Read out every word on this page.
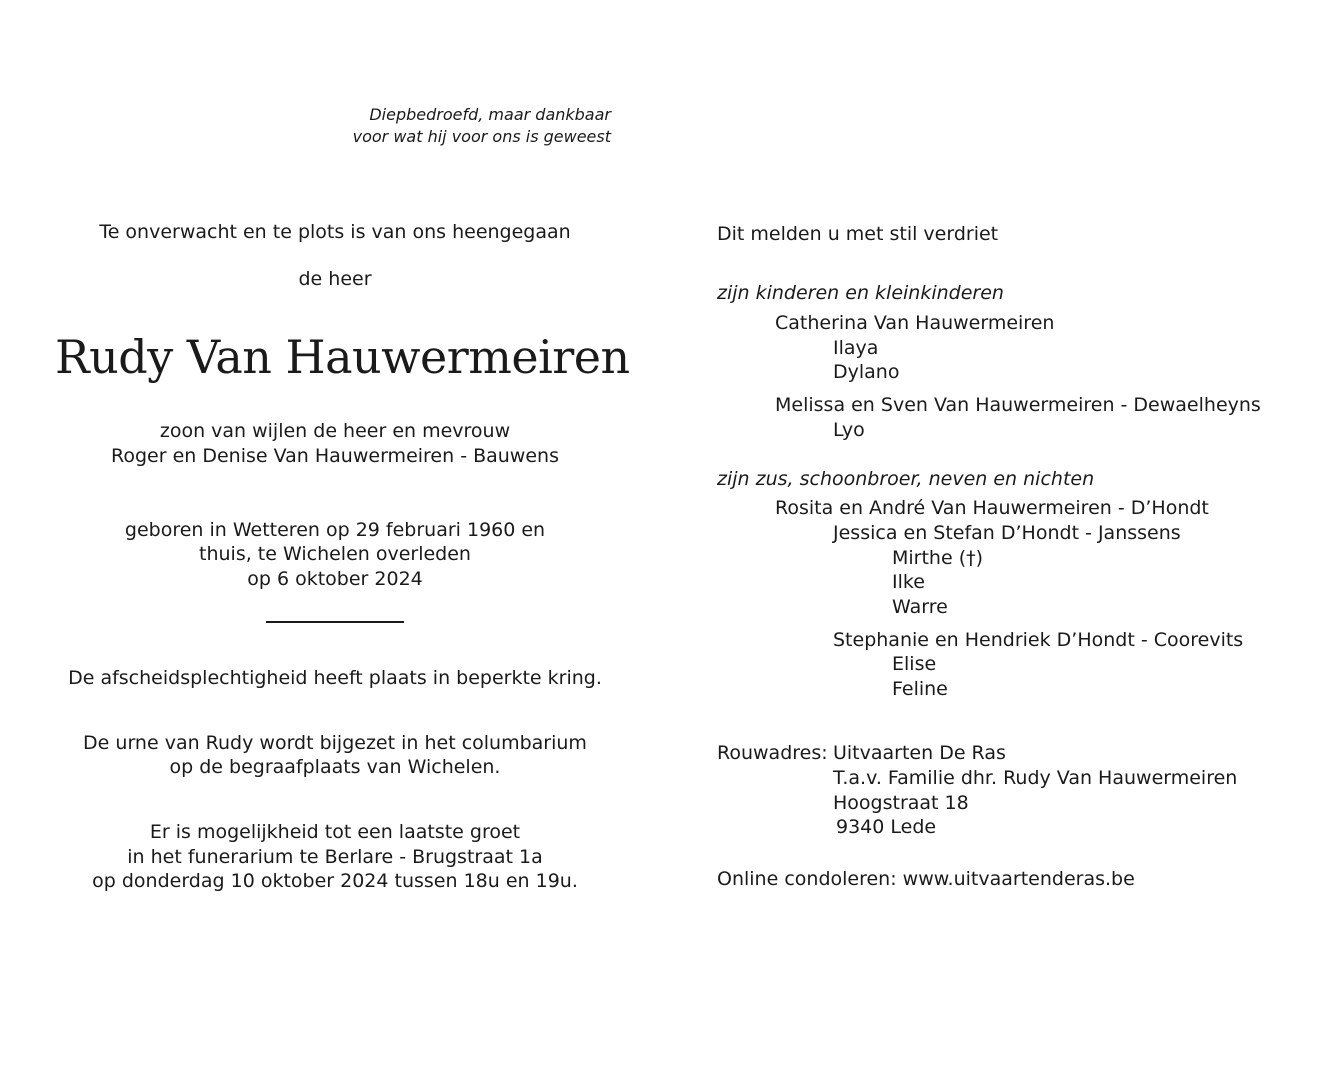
Diepbedroefd, maar dankbaar
voor wat hij voor ons is geweest
Te onverwacht en te plots is van ons heengegaan
de heer
Rudy Van Hauwermeiren
zoon van wijlen de heer en mevrouw
Roger en Denise Van Hauwermeiren - Bauwens
geboren in Wetteren op 29 februari 1960 en
thuis, te Wichelen overleden
op 6 oktober 2024
De afscheidsplechtigheid heeft plaats in beperkte kring.
De urne van Rudy wordt bijgezet in het columbarium
op de begraafplaats van Wichelen.
Er is mogelijkheid tot een laatste groet
in het funerarium te Berlare - Brugstraat 1a
op donderdag 10 oktober 2024 tussen 18u en 19u.
Dit melden u met stil verdriet
zijn kinderen en kleinkinderen
Catherina Van Hauwermeiren
Ilaya
Dylano
Melissa en Sven Van Hauwermeiren - Dewaelheyns
Lyo
zijn zus, schoonbroer, neven en nichten
Rosita en André Van Hauwermeiren - D’Hondt
Jessica en Stefan D’Hondt - Janssens
Mirthe (†)
Ilke
Warre
Stephanie en Hendriek D’Hondt - Coorevits
Elise
Feline
Rouwadres: Uitvaarten De Ras
T.a.v. Familie dhr. Rudy Van Hauwermeiren
Hoogstraat 18
9340 Lede
Online condoleren: www.uitvaartenderas.be
